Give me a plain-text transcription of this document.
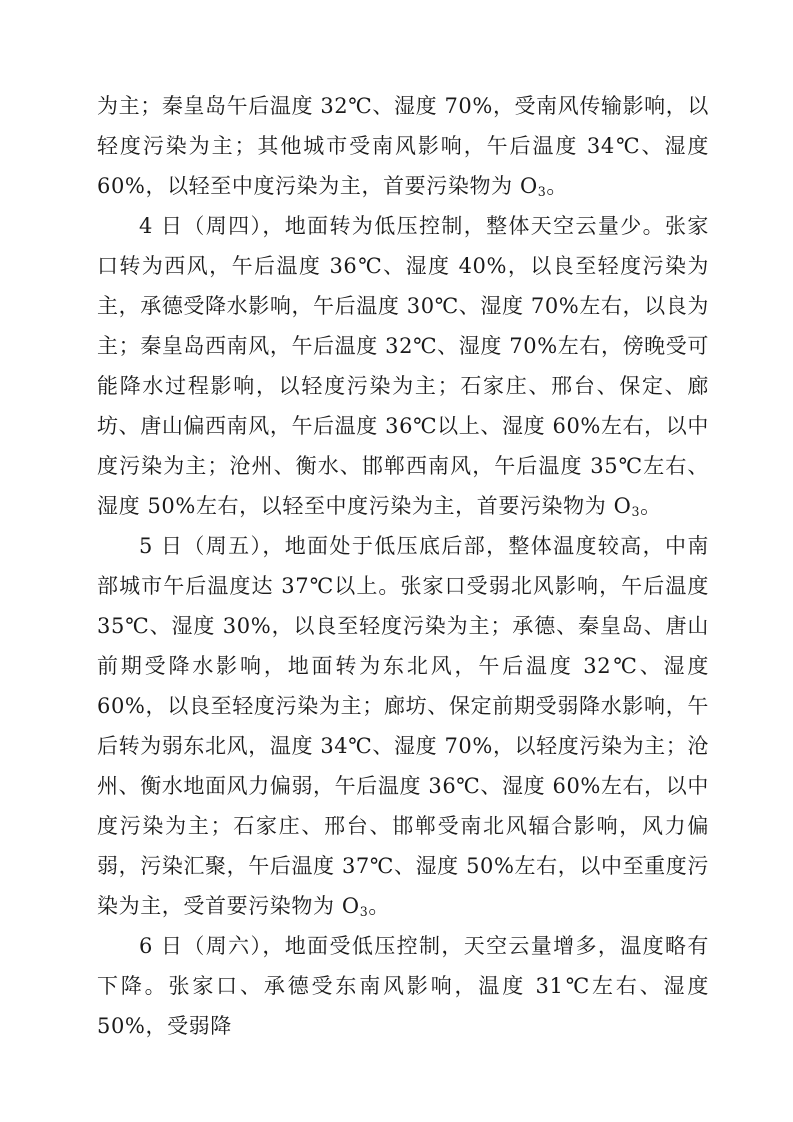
为主；秦皇岛午后温度 32℃、湿度 70%，受南风传输影响，以轻度污染为主；其他城市受南风影响，午后温度 34℃、湿度 60%，以轻至中度污染为主，首要污染物为 $O_3$。

4 日（周四），地面转为低压控制，整体天空云量少。张家口转为西风，午后温度 36℃、湿度 40%，以良至轻度污染为主，承德受降水影响，午后温度 30℃、湿度 70%左右，以良为主；秦皇岛西南风，午后温度 32℃、湿度 70%左右，傍晚受可能降水过程影响，以轻度污染为主；石家庄、邢台、保定、廊坊、唐山偏西南风，午后温度 36℃以上、湿度 60%左右，以中度污染为主；沧州、衡水、邯郸西南风，午后温度 35℃左右、湿度 50%左右，以轻至中度污染为主，首要污染物为 $O_3$。

5 日（周五），地面处于低压底后部，整体温度较高，中南部城市午后温度达 37℃以上。张家口受弱北风影响，午后温度 35℃、湿度 30%，以良至轻度污染为主；承德、秦皇岛、唐山前期受降水影响，地面转为东北风，午后温度 32℃、湿度 60%，以良至轻度污染为主；廊坊、保定前期受弱降水影响，午后转为弱东北风，温度 34℃、湿度 70%，以轻度污染为主；沧州、衡水地面风力偏弱，午后温度 36℃、湿度 60%左右，以中度污染为主；石家庄、邢台、邯郸受南北风辐合影响，风力偏弱，污染汇聚，午后温度 37℃、湿度 50%左右，以中至重度污染为主，受首要污染物为 $O_3$。

6 日（周六），地面受低压控制，天空云量增多，温度略有下降。张家口、承德受东南风影响，温度 31℃左右、湿度 50%，受弱降
